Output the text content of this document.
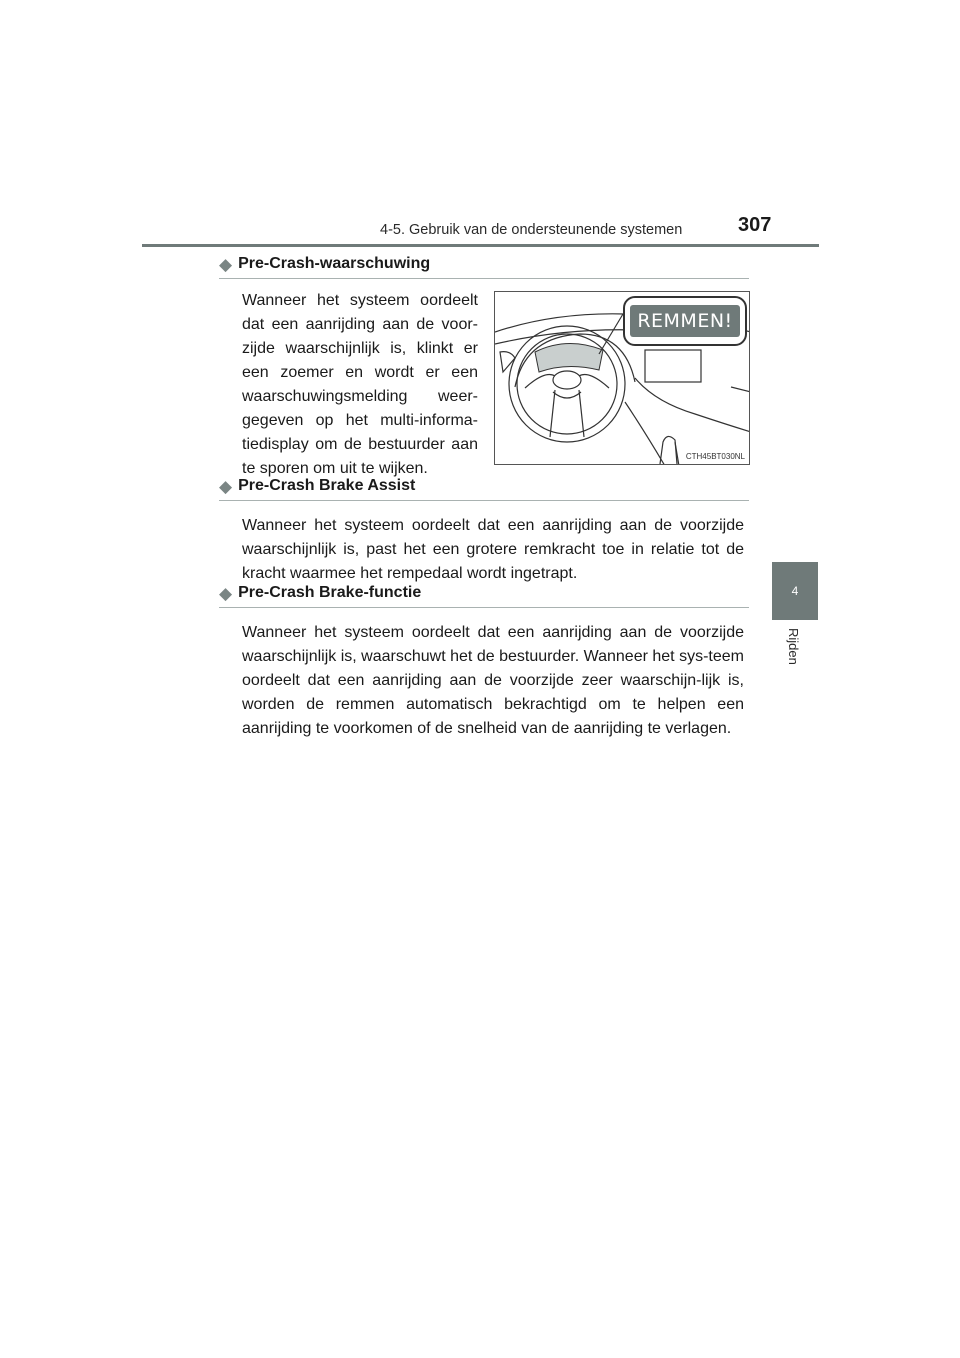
4-5. Gebruik van de ondersteunende systemen	307
4
Rijden
◆ Pre-Crash-waarschuwing
Wanneer het systeem oordeelt dat een aanrijding aan de voor-zijde waarschijnlijk is, klinkt er een zoemer en wordt er een waarschuwingsmelding weer-gegeven op het multi-informa-tiedisplay om de bestuurder aan te sporen om uit te wijken.
REMMEN!
CTH45BT030NL
◆ Pre-Crash Brake Assist
Wanneer het systeem oordeelt dat een aanrijding aan de voorzijde waarschijnlijk is, past het een grotere remkracht toe in relatie tot de kracht waarmee het rempedaal wordt ingetrapt.
◆ Pre-Crash Brake-functie
Wanneer het systeem oordeelt dat een aanrijding aan de voorzijde waarschijnlijk is, waarschuwt het de bestuurder. Wanneer het sys-teem oordeelt dat een aanrijding aan de voorzijde zeer waarschijn-lijk is, worden de remmen automatisch bekrachtigd om te helpen een aanrijding te voorkomen of de snelheid van de aanrijding te verlagen.
